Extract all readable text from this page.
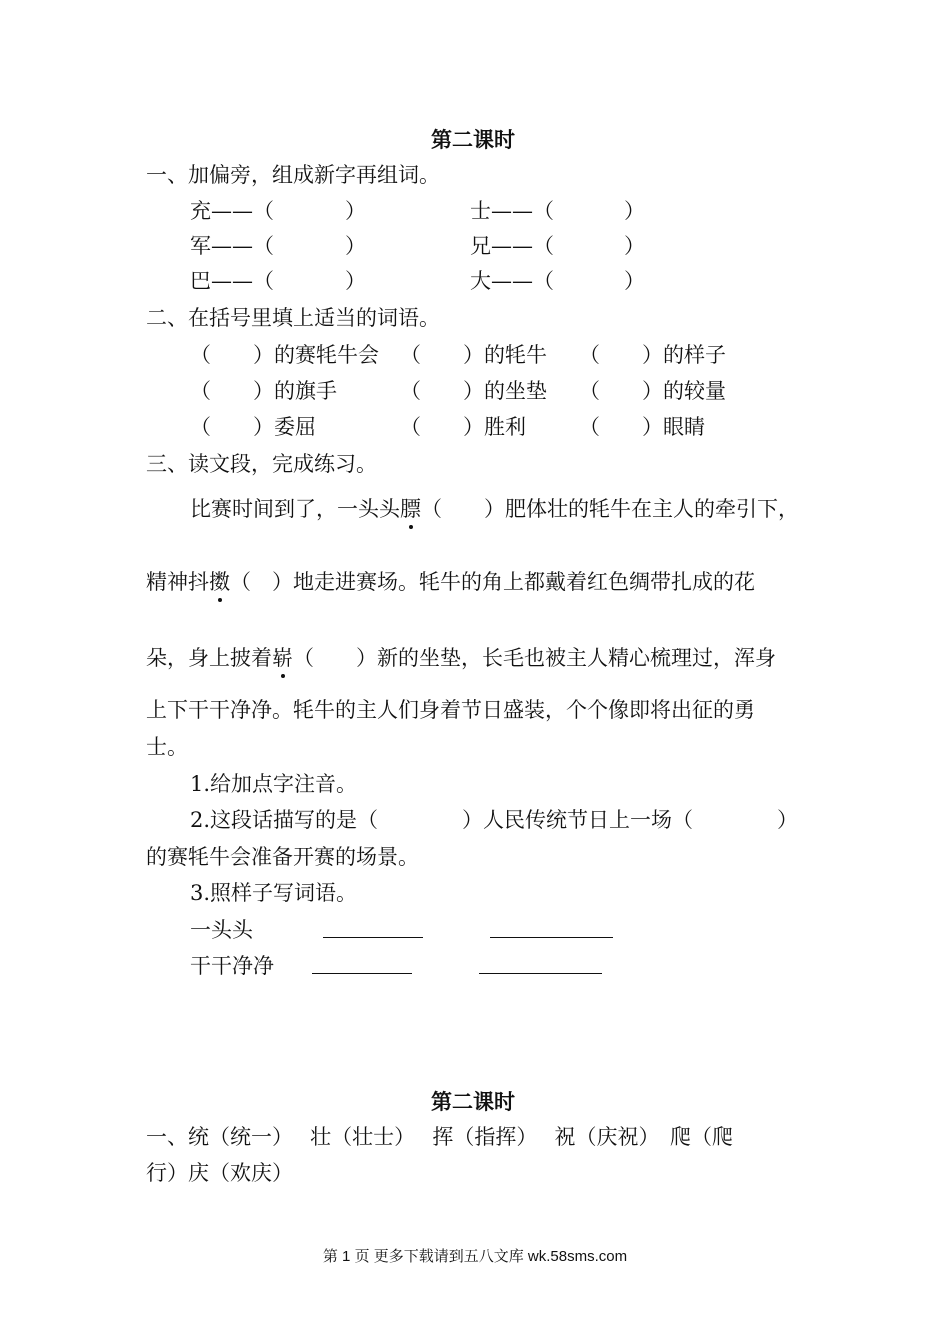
第二课时
一、加偏旁，组成新字再组词。
充——（	）	士——（	）
军——（	）	兄——（	）
巴——（	）	大——（	）
二、在括号里填上适当的词语。
（　　）的赛牦牛会 （　　）的牦牛 （　　）的样子
（　　）的旗手	（　　）的坐垫 （　　）的较量
（　　）委屈	（　　）胜利	（　　）眼睛
三、读文段，完成练习。
比赛时间到了，一头头膘（　　）肥体壮的牦牛在主人的牵引下，
精神抖擞（　）地走进赛场。牦牛的角上都戴着红色绸带扎成的花
朵，身上披着崭（　　）新的坐垫，长毛也被主人精心梳理过，浑身
上下干干净净。牦牛的主人们身着节日盛装，个个像即将出征的勇
士。
1.给加点字注音。
2.这段话描写的是（　　　　）人民传统节日上一场（　　　　）
的赛牦牛会准备开赛的场景。
3.照样子写词语。
一头头
干干净净
第二课时
一、统（统一）　 壮（壮士）　 挥（指挥）　 祝（庆祝）　爬（爬
行）庆（欢庆）
第 1 页 更多下载请到五八文库 wk.58sms.com
